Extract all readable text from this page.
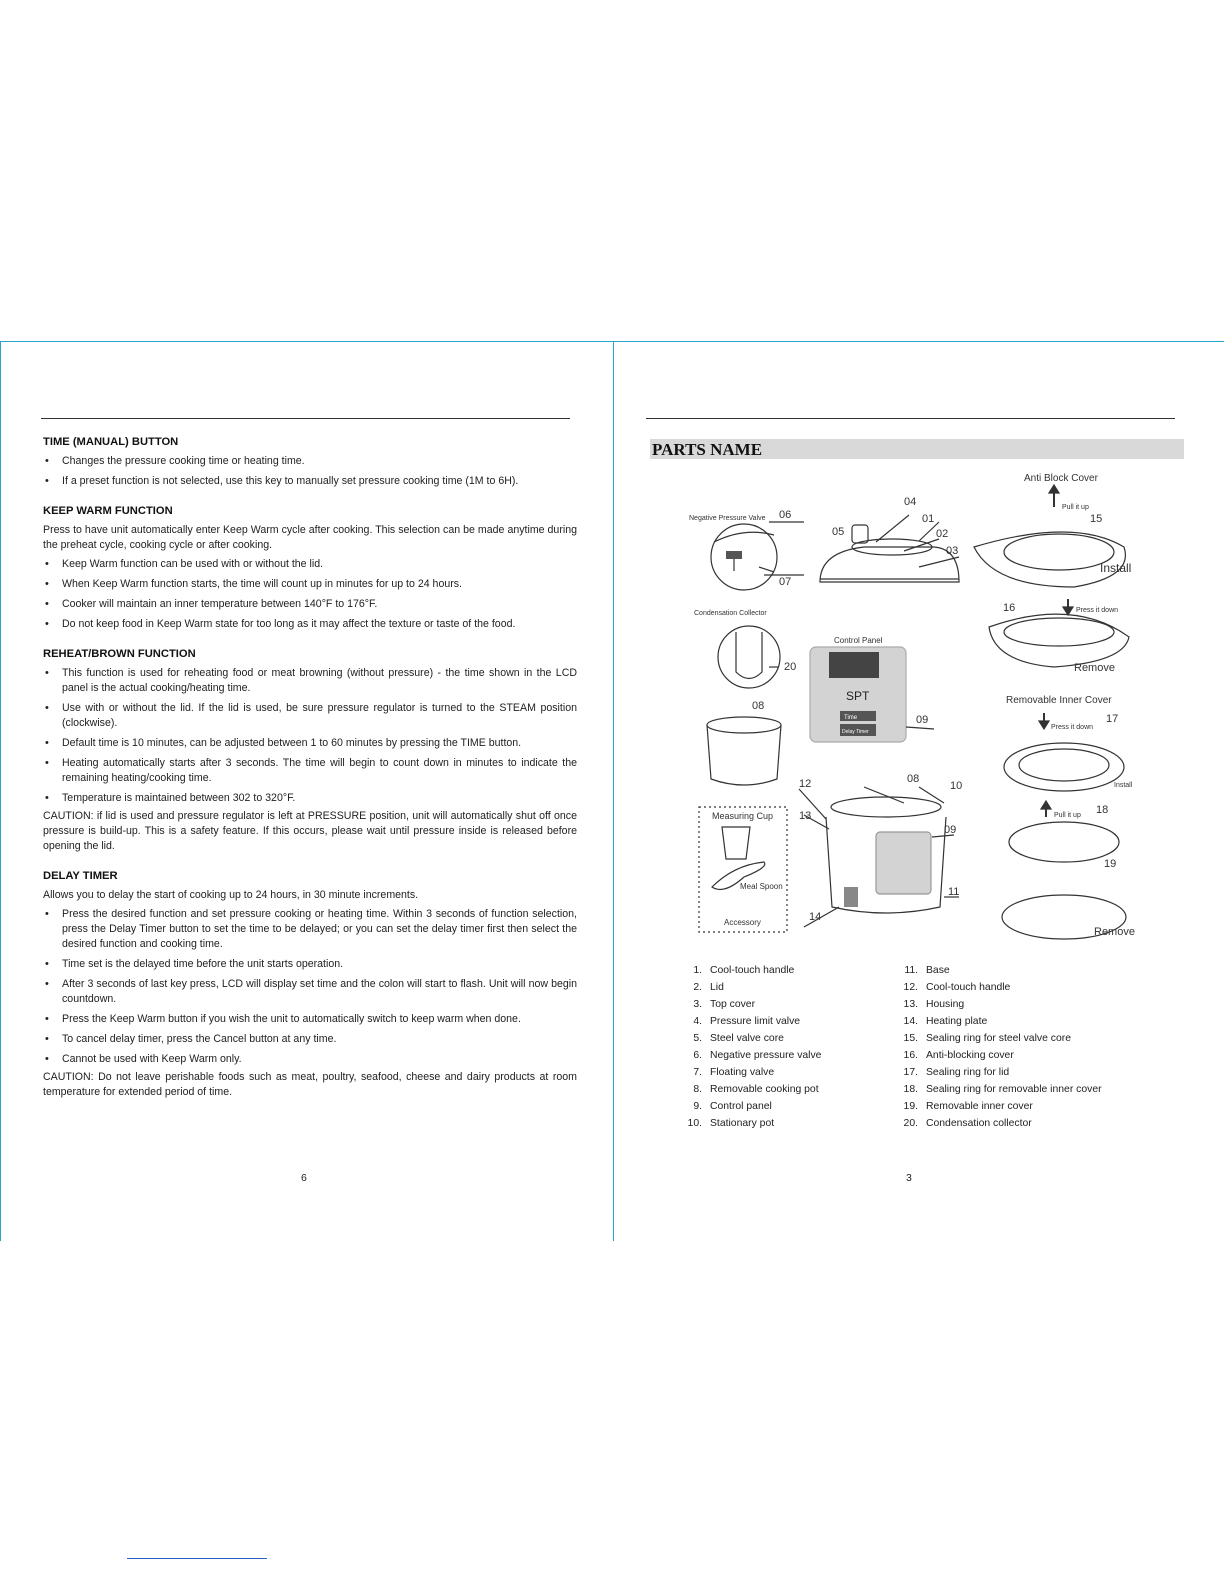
TIME (MANUAL) BUTTON
• Changes the pressure cooking time or heating time.
• If a preset function is not selected, use this key to manually set pressure cooking time (1M to 6H).
KEEP WARM FUNCTION

Press to have unit automatically enter Keep Warm cycle after cooking. This selection can be made anytime during the preheat cycle, cooking cycle or after cooking.

• Keep Warm function can be used with or without the lid.
• When Keep Warm function starts, the time will count up in minutes for up to 24 hours.
• Cooker will maintain an inner temperature between 140°F to 176°F.
• Do not keep food in Keep Warm state for too long as it may affect the texture or taste of the food.
REHEAT/BROWN FUNCTION
• This function is used for reheating food or meat browning (without pressure) - the time shown in the LCD panel is the actual cooking/heating time.
• Use with or without the lid. If the lid is used, be sure pressure regulator is turned to the STEAM position (clockwise).
• Default time is 10 minutes, can be adjusted between 1 to 60 minutes by pressing the TIME button.
• Heating automatically starts after 3 seconds. The time will begin to count down in minutes to indicate the remaining heating/cooking time.
• Temperature is maintained between 302 to 320°F.

CAUTION: if lid is used and pressure regulator is left at PRESSURE position, unit will automatically shut off once pressure is build-up. This is a safety feature. If this occurs, please wait until pressure inside is released before opening the lid.

DELAY TIMER

Allows you to delay the start of cooking up to 24 hours, in 30 minute increments.

• Press the desired function and set pressure cooking or heating time. Within 3 seconds of function selection, press the Delay Timer button to set the time to be delayed; or you can set the delay timer first then select the desired function and cooking time.
• Time set is the delayed time before the unit starts operation.
• After 3 seconds of last key press, LCD will display set time and the colon will start to flash. Unit will now begin countdown.
• Press the Keep Warm button if you wish the unit to automatically switch to keep warm when done.
• To cancel delay timer, press the Cancel button at any time.
• Cannot be used with Keep Warm only.

CAUTION: Do not leave perishable foods such as meat, poultry, seafood, cheese and dairy products at room temperature for extended period of time.

6
PARTS NAME
Negative Pressure Valve 06
07
04
01
05	02
03
Anti Block Cover
Pull it up
15
Install
Condensation Collector
20
Control Panel
SPT
Time
Delay Timer
09
08
16	Press it down
Remove
Removable Inner Cover
Press it down
17
Install
Measuring Cup
Meal Spoon
Accessory
08
10
12
13
09
11
14
Pull it up 18
19
Remove
1. Cool-touch handle
2. Lid
3. Top cover
4. Pressure limit valve
5. Steel valve core
6. Negative pressure valve
7. Floating valve
8. Removable cooking pot
9. Control panel
10. Stationary pot
11. Base
12. Cool-touch handle
13. Housing
14. Heating plate
15. Sealing ring for steel valve core
16. Anti-blocking cover
17. Sealing ring for lid
18. Sealing ring for removable inner cover
19. Removable inner cover
20. Condensation collector
3
